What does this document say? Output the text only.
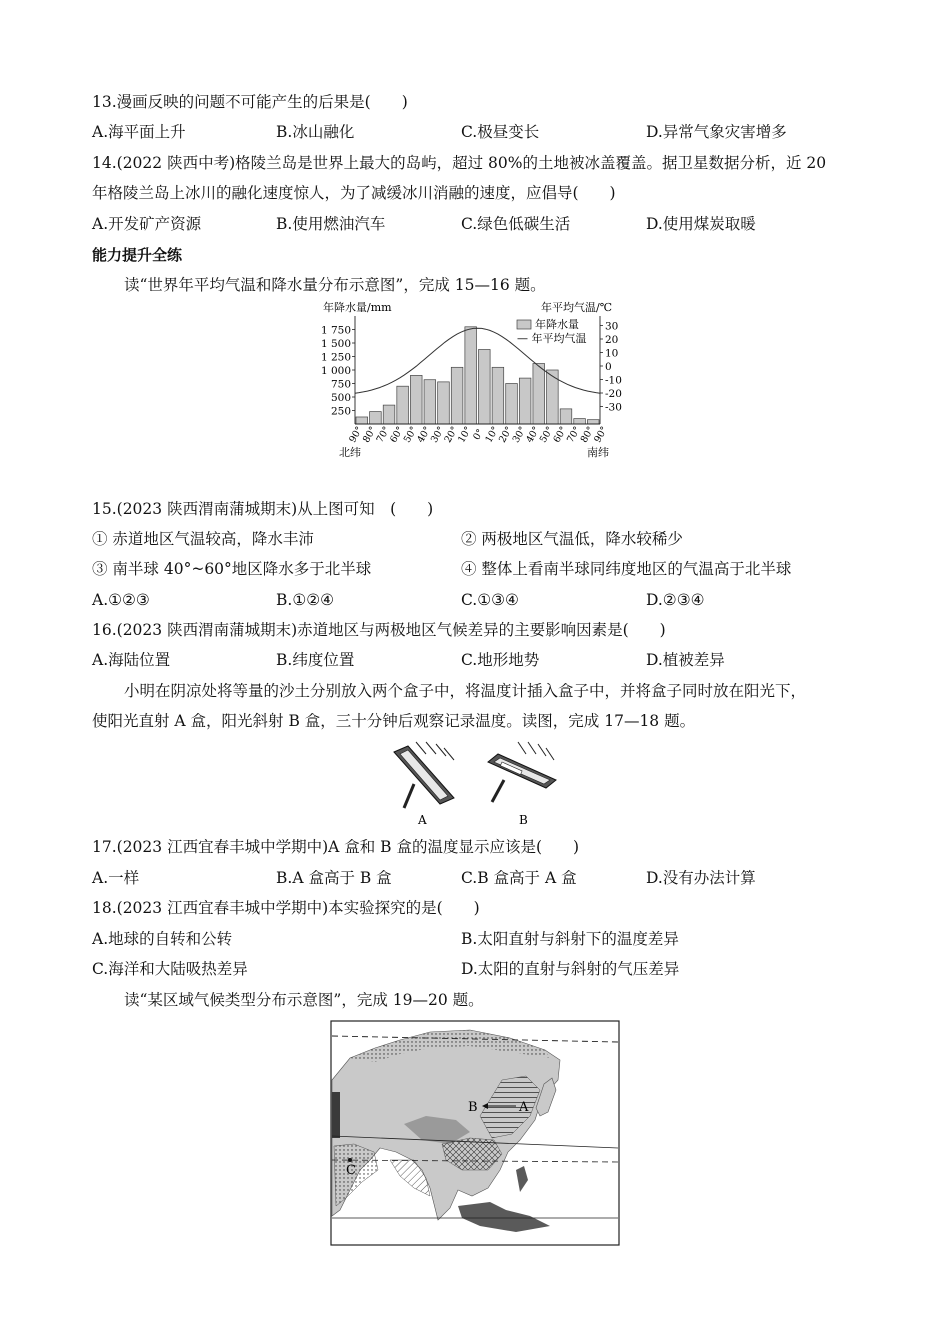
13.漫画反映的问题不可能产生的后果是(　　)
A.海平面上升	B.冰山融化	C.极昼变长	D.异常气象灾害增多
14.(2022 陕西中考)格陵兰岛是世界上最大的岛屿，超过 80%的土地被冰盖覆盖。据卫星数据分析，近 20
年格陵兰岛上冰川的融化速度惊人，为了减缓冰川消融的速度，应倡导(　　)
A.开发矿产资源	B.使用燃油汽车	C.绿色低碳生活	D.使用煤炭取暖
能力提升全练
读“世界年平均气温和降水量分布示意图”，完成 15—16 题。
年降水量/mm	年平均气温/℃
年降水量
— 年平均气温
250
500
750
1 000
1 250
1 500
1 750	30
20
10
0
-10
-20
-30
90°
80°
70°
60°
50°
40°
30°
20°
10°
0°
10°
20°
30°
40°
50°
60°
70°
80°
90°
北纬	南纬
15.(2023 陕西渭南蒲城期末)从上图可知　(　　)
① 赤道地区气温较高，降水丰沛	② 两极地区气温低，降水较稀少
③ 南半球 40°~60°地区降水多于北半球	④ 整体上看南半球同纬度地区的气温高于北半球
A.①②③	B.①②④	C.①③④	D.②③④
16.(2023 陕西渭南蒲城期末)赤道地区与两极地区气候差异的主要影响因素是(　　)
A.海陆位置	B.纬度位置	C.地形地势	D.植被差异
小明在阴凉处将等量的沙土分别放入两个盒子中，将温度计插入盒子中，并将盒子同时放在阳光下，
使阳光直射 A 盒，阳光斜射 B 盒，三十分钟后观察记录温度。读图，完成 17—18 题。
A	B
17.(2023 江西宜春丰城中学期中)A 盒和 B 盒的温度显示应该是(　　)
A.一样	B.A 盒高于 B 盒	C.B 盒高于 A 盒	D.没有办法计算
18.(2023 江西宜春丰城中学期中)本实验探究的是(　　)
A.地球的自转和公转	B.太阳直射与斜射下的温度差异
C.海洋和大陆吸热差异	D.太阳的直射与斜射的气压差异
读“某区域气候类型分布示意图”，完成 19—20 题。
A
B
C
